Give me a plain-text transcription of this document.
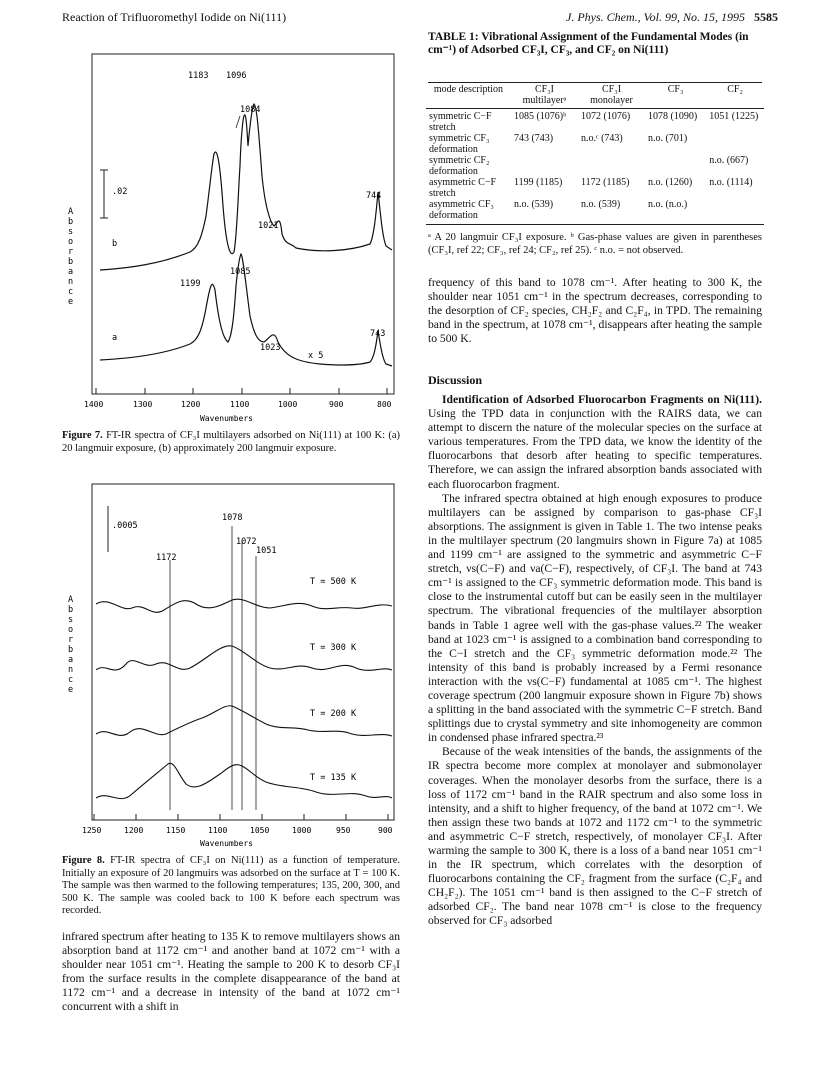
Reaction of Trifluoromethyl Iodide on Ni(111)	J. Phys. Chem., Vol. 99, No. 15, 1995 5585
A b s o r b a n c e
.02
b
a
1183 1096
1084
1021
1085
744
1199
1023
743
x 5
1400	1300	1200	1100	1000	900	800
Wavenumbers
Figure 7. FT-IR spectra of CF₃I multilayers adsorbed on Ni(111) at 100 K: (a) 20 langmuir exposure, (b) approximately 200 langmuir exposure.
A b s o r b a n c e
.0005
1078
1072
1051
1172
T = 500 K
T = 300 K
T = 200 K
T = 135 K
1250	1200	1150	1100	1050	1000	950	900
Wavenumbers
Figure 8. FT-IR spectra of CF₃I on Ni(111) as a function of temperature. Initially an exposure of 20 langmuirs was adsorbed on the surface at T = 100 K. The sample was then warmed to the following temperatures; 135, 200, 300, and 500 K. The sample was cooled back to 100 K before each spectrum was recorded.

infrared spectrum after heating to 135 K to remove multilayers shows an absorption band at 1172 cm⁻¹ and another band at 1072 cm⁻¹ with a shoulder near 1051 cm⁻¹. Heating the sample to 200 K to desorb CF₃I from the surface results in the complete disappearance of the band at 1172 cm⁻¹ and a decrease in intensity of the band at 1072 cm⁻¹ concurrent with a shift in

TABLE 1: Vibrational Assignment of the Fundamental Modes (in cm⁻¹) of Adsorbed CF₃I, CF₃, and CF₂ on Ni(111)
mode description	CF₃I multilayerᵃ	CF₃I monolayer	CF₃	CF₂

symmetric C−F stretch	1085 (1076)ᵇ	1072 (1076)	1078 (1090)	1051 (1225)
symmetric CF₃ deformation	743 (743)	n.o.ᶜ (743)	n.o. (701)	
symmetric CF₂ deformation				n.o. (667)
asymmetric C−F stretch	1199 (1185)	1172 (1185)	n.o. (1260)	n.o. (1114)
asymmetric CF₃ deformation	n.o. (539)	n.o. (539)	n.o. (n.o.)	

ᵃ A 20 langmuir CF₃I exposure. ᵇ Gas-phase values are given in parentheses (CF₃I, ref 22; CF₃, ref 24; CF₂, ref 25). ᶜ n.o. = not observed.

frequency of this band to 1078 cm⁻¹. After heating to 300 K, the shoulder near 1051 cm⁻¹ in the spectrum decreases, corresponding to the desorption of CF₂ species, CH₂F₂ and C₂F₄, in TPD. The remaining band in the spectrum, at 1078 cm⁻¹, disappears after heating the sample to 500 K.

Discussion

Identification of Adsorbed Fluorocarbon Fragments on Ni(111). Using the TPD data in conjunction with the RAIRS data, we can attempt to discern the nature of the molecular species on the surface at various temperatures. From the TPD data, we know the identity of the fluorocarbons that desorb after heating to specific temperatures. Therefore, we can assign the infrared absorption bands associated with each fluorocarbon fragment.

The infrared spectra obtained at high enough exposures to produce multilayers can be assigned by comparison to gas-phase CF₃I absorptions. The assignment is given in Table 1. The two intense peaks in the multilayer spectrum (20 langmuirs shown in Figure 7a) at 1085 and 1199 cm⁻¹ are assigned to the symmetric and asymmetric C−F stretch, νs(C−F) and νa(C−F), respectively, of CF₃I. The band at 743 cm⁻¹ is assigned to the CF₃ symmetric deformation mode. This band is close to the instrumental cutoff but can be easily seen in the multilayer spectrum. The vibrational frequencies of the multilayer absorption bands in Table 1 agree well with the gas-phase values.²² The weaker band at 1023 cm⁻¹ is assigned to a combination band corresponding to the C−I stretch and the CF₃ symmetric deformation mode.²² The intensity of this band is probably increased by a Fermi resonance interaction with the νs(C−F) fundamental at 1085 cm⁻¹. The highest coverage spectrum (200 langmuir exposure shown in Figure 7b) shows a splitting in the band associated with the symmetric C−F stretch. Band splittings due to crystal symmetry and site inhomogeneity are common in condensed phase infrared spectra.²³

Because of the weak intensities of the bands, the assignments of the IR spectra become more complex at monolayer and submonolayer coverages. When the monolayer desorbs from the surface, there is a loss of 1172 cm⁻¹ band in the RAIR spectrum and also some loss in intensity, and a shift to higher frequency, of the band at 1072 cm⁻¹. We then assign these two bands at 1072 and 1172 cm⁻¹ to the symmetric and asymmetric C−F stretch, respectively, of monolayer CF₃I. After warming the sample to 300 K, there is a loss of a band near 1051 cm⁻¹ in the IR spectrum, which correlates with the desorption of fluorocarbons containing the CF₂ fragment from the surface (C₂F₄ and CH₂F₂). The 1051 cm⁻¹ band is then assigned to the C−F stretch of adsorbed CF₂. The band near 1078 cm⁻¹ is close to the frequency observed for CF₃ adsorbed
